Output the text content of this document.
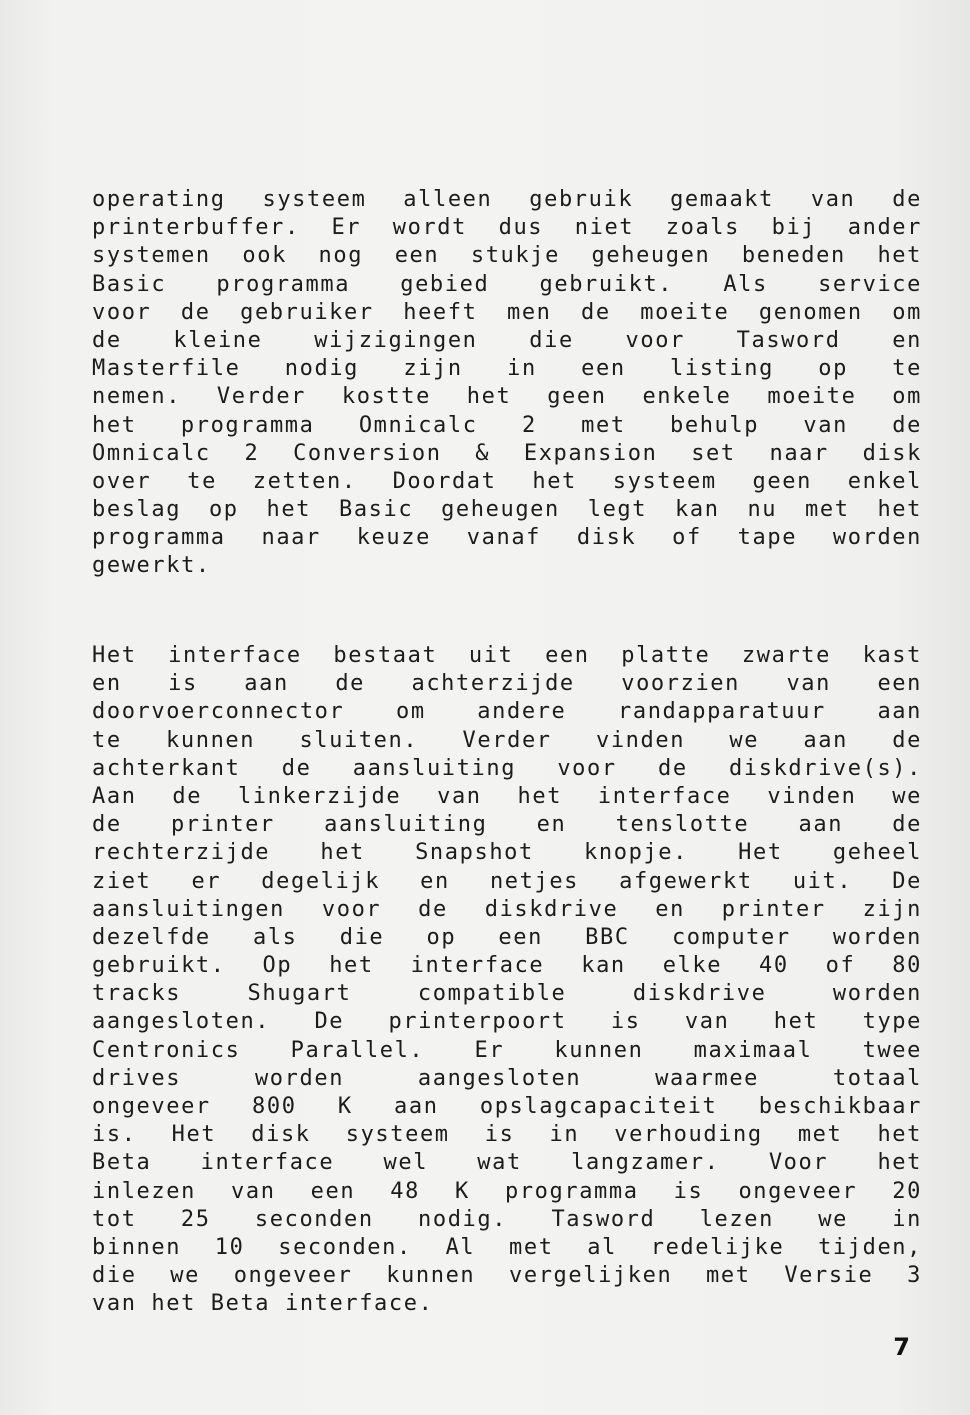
operating systeem alleen gebruik gemaakt van de
printerbuffer. Er wordt dus niet zoals bij ander
systemen ook nog een stukje geheugen beneden het
Basic programma gebied gebruikt. Als service
voor de gebruiker heeft men de moeite genomen om
de kleine wijzigingen die voor Tasword en
Masterfile nodig zijn in een listing op te
nemen. Verder kostte het geen enkele moeite om
het programma Omnicalc 2 met behulp van de
Omnicalc 2 Conversion & Expansion set naar disk
over te zetten. Doordat het systeem geen enkel
beslag op het Basic geheugen legt kan nu met het
programma naar keuze vanaf disk of tape worden
gewerkt.
Het interface bestaat uit een platte zwarte kast
en is aan de achterzijde voorzien van een
doorvoerconnector om andere randapparatuur aan
te kunnen sluiten. Verder vinden we aan de
achterkant de aansluiting voor de diskdrive(s).
Aan de linkerzijde van het interface vinden we
de printer aansluiting en tenslotte aan de
rechterzijde het Snapshot knopje. Het geheel
ziet er degelijk en netjes afgewerkt uit. De
aansluitingen voor de diskdrive en printer zijn
dezelfde als die op een BBC computer worden
gebruikt. Op het interface kan elke 40 of 80
tracks Shugart compatible diskdrive worden
aangesloten. De printerpoort is van het type
Centronics Parallel. Er kunnen maximaal twee
drives worden aangesloten waarmee totaal
ongeveer 800 K aan opslagcapaciteit beschikbaar
is. Het disk systeem is in verhouding met het
Beta interface wel wat langzamer. Voor het
inlezen van een 48 K programma is ongeveer 20
tot 25 seconden nodig. Tasword lezen we in
binnen 10 seconden. Al met al redelijke tijden,
die we ongeveer kunnen vergelijken met Versie 3
van het Beta interface.
7
